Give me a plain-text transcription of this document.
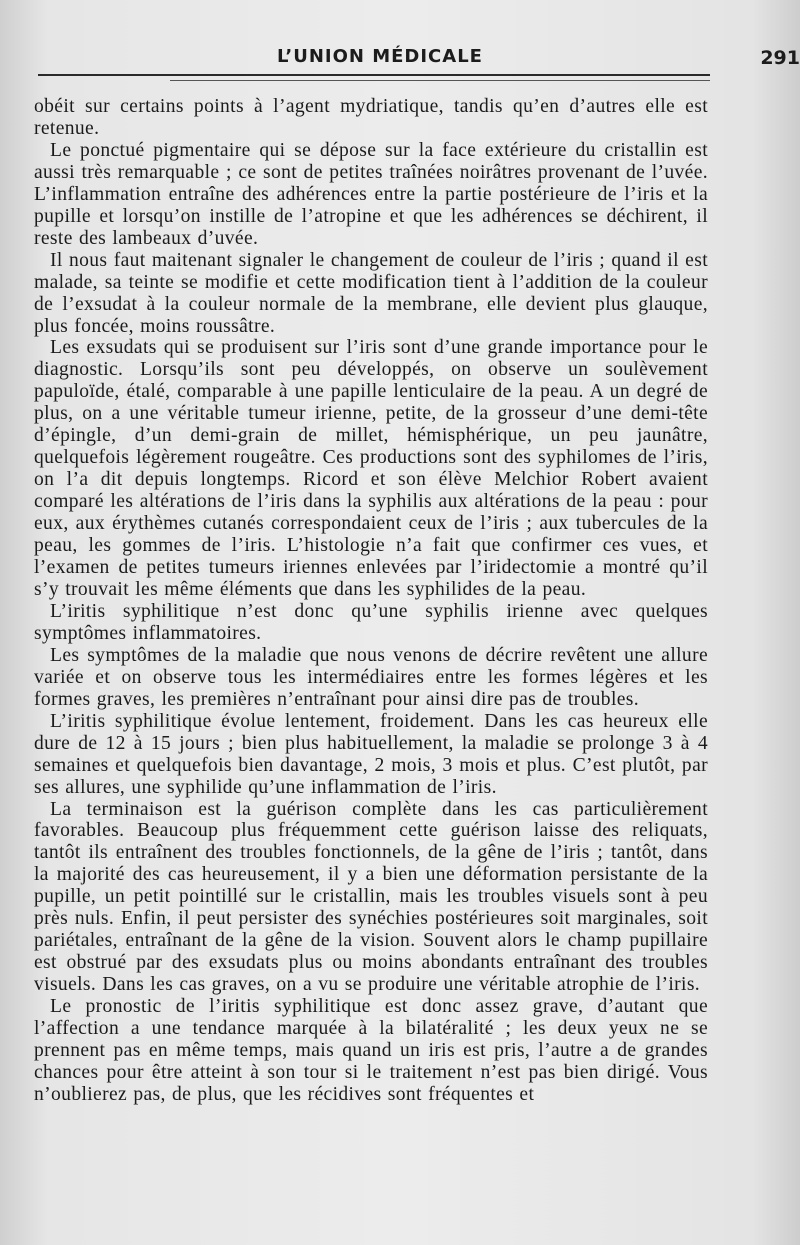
L’UNION MÉDICALE	291

obéit sur certains points à l’agent mydriatique, tandis qu’en d’autres elle est retenue.

Le ponctué pigmentaire qui se dépose sur la face extérieure du cristallin est aussi très remarquable ; ce sont de petites traînées noirâtres provenant de l’uvée. L’inflammation entraîne des adhérences entre la partie postérieure de l’iris et la pupille et lorsqu’on instille de l’atropine et que les adhérences se déchirent, il reste des lambeaux d’uvée.

Il nous faut maitenant signaler le changement de couleur de l’iris ; quand il est malade, sa teinte se modifie et cette modification tient à l’addition de la couleur de l’exsudat à la couleur normale de la membrane, elle devient plus glauque, plus foncée, moins roussâtre.

Les exsudats qui se produisent sur l’iris sont d’une grande importance pour le diagnostic. Lorsqu’ils sont peu développés, on observe un soulèvement papuloïde, étalé, comparable à une papille lenticulaire de la peau. A un degré de plus, on a une véritable tumeur irienne, petite, de la grosseur d’une demi-tête d’épingle, d’un demi-grain de millet, hémisphérique, un peu jaunâtre, quelquefois légèrement rougeâtre. Ces productions sont des syphilomes de l’iris, on l’a dit depuis longtemps. Ricord et son élève Melchior Robert avaient comparé les altérations de l’iris dans la syphilis aux altérations de la peau : pour eux, aux érythèmes cutanés correspondaient ceux de l’iris ; aux tubercules de la peau, les gommes de l’iris. L’histologie n’a fait que confirmer ces vues, et l’examen de petites tumeurs iriennes enlevées par l’iridectomie a montré qu’il s’y trouvait les même éléments que dans les syphilides de la peau.

L’iritis syphilitique n’est donc qu’une syphilis irienne avec quelques symptômes inflammatoires.

Les symptômes de la maladie que nous venons de décrire revêtent une allure variée et on observe tous les intermédiaires entre les formes légères et les formes graves, les premières n’entraînant pour ainsi dire pas de troubles.

L’iritis syphilitique évolue lentement, froidement. Dans les cas heureux elle dure de 12 à 15 jours ; bien plus habituellement, la maladie se prolonge 3 à 4 semaines et quelquefois bien davantage, 2 mois, 3 mois et plus. C’est plutôt, par ses allures, une syphilide qu’une inflammation de l’iris.

La terminaison est la guérison complète dans les cas particulièrement favorables. Beaucoup plus fréquemment cette guérison laisse des reliquats, tantôt ils entraînent des troubles fonctionnels, de la gêne de l’iris ; tantôt, dans la majorité des cas heureusement, il y a bien une déformation persistante de la pupille, un petit pointillé sur le cristallin, mais les troubles visuels sont à peu près nuls. Enfin, il peut persister des synéchies postérieures soit marginales, soit pariétales, entraînant de la gêne de la vision. Souvent alors le champ pupillaire est obstrué par des exsudats plus ou moins abondants entraînant des troubles visuels. Dans les cas graves, on a vu se produire une véritable atrophie de l’iris.

Le pronostic de l’iritis syphilitique est donc assez grave, d’autant que l’affection a une tendance marquée à la bilatéralité ; les deux yeux ne se prennent pas en même temps, mais quand un iris est pris, l’autre a de grandes chances pour être atteint à son tour si le traitement n’est pas bien dirigé. Vous n’oublierez pas, de plus, que les récidives sont fréquentes et
